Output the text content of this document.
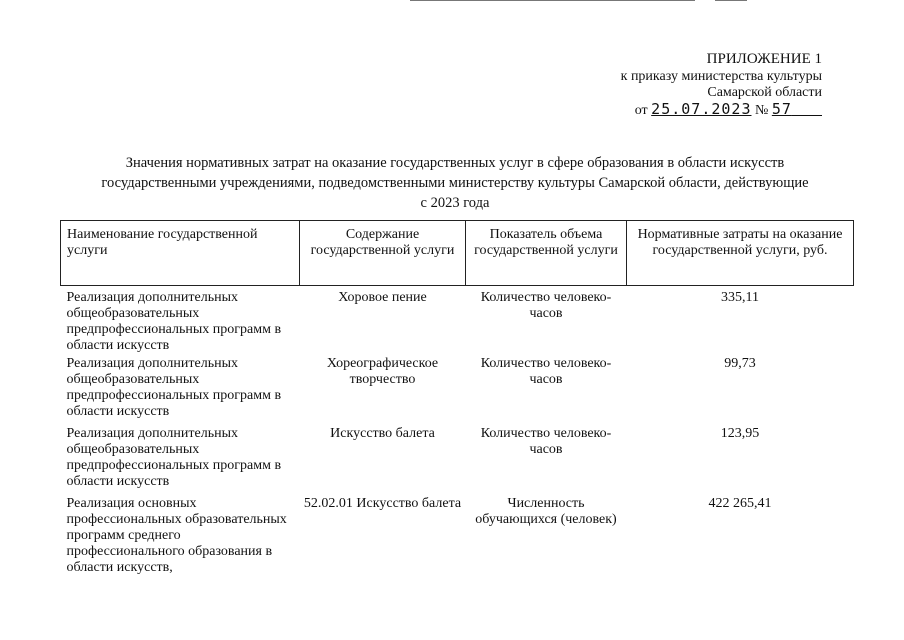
ПРИЛОЖЕНИЕ 1
к приказу министерства культуры
Самарской области
от 25.07.2023 № 57
Значения нормативных затрат на оказание государственных услуг в сфере образования в области искусств
государственными учреждениями, подведомственными министерству культуры Самарской области, действующие
с 2023 года
Наименование государственной услуги	Содержание государственной услуги	Показатель объема государственной услуги	Нормативные затраты на оказание государственной услуги, руб.
Реализация дополнительных общеобразовательных предпрофессиональных программ в области искусств	Хоровое пение	Количество человеко-часов	335,11
Реализация дополнительных общеобразовательных предпрофессиональных программ в области искусств	Хореографическое творчество	Количество человеко-часов	99,73
Реализация дополнительных общеобразовательных предпрофессиональных программ в области искусств	Искусство балета	Количество человеко-часов	123,95
Реализация основных профессиональных образовательных программ среднего профессионального образования в области искусств,	52.02.01 Искусство балета	Численность обучающихся (человек)	422 265,41
